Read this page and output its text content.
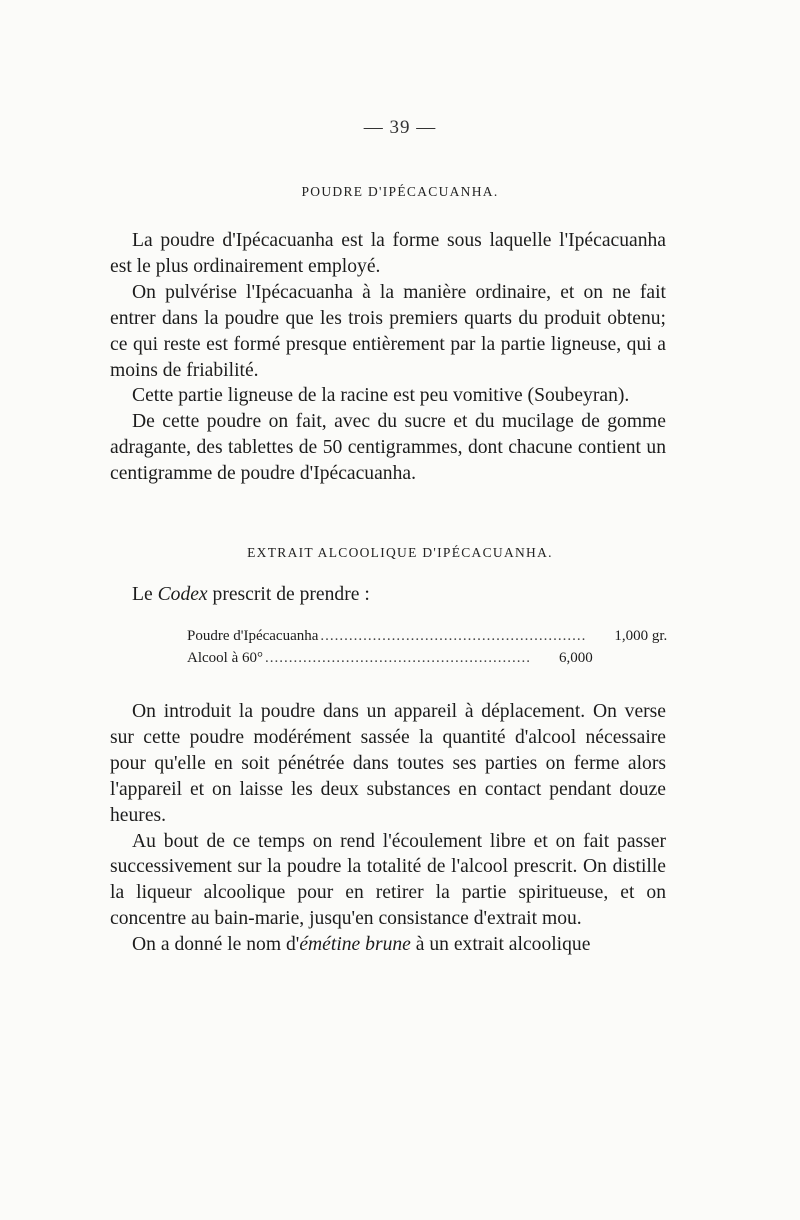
— 39 —
POUDRE D'IPÉCACUANHA.

La poudre d'Ipécacuanha est la forme sous laquelle l'Ipécacuanha est le plus ordinairement employé.

On pulvérise l'Ipécacuanha à la manière ordinaire, et on ne fait entrer dans la poudre que les trois premiers quarts du produit obtenu; ce qui reste est formé presque entièrement par la partie ligneuse, qui a moins de friabilité.

Cette partie ligneuse de la racine est peu vomitive (Soubeyran).

De cette poudre on fait, avec du sucre et du mucilage de gomme adragante, des tablettes de 50 centigrammes, dont chacune contient un centigramme de poudre d'Ipécacuanha.

EXTRAIT ALCOOLIQUE D'IPÉCACUANHA.
Le Codex prescrit de prendre :
Poudre d'Ipécacuanha ........................................................	1,000 gr.
Alcool à 60° ........................................................	6,000

On introduit la poudre dans un appareil à déplacement. On verse sur cette poudre modérément sassée la quantité d'alcool nécessaire pour qu'elle en soit pénétrée dans toutes ses parties on ferme alors l'appareil et on laisse les deux substances en contact pendant douze heures.

Au bout de ce temps on rend l'écoulement libre et on fait passer successivement sur la poudre la totalité de l'alcool prescrit. On distille la liqueur alcoolique pour en retirer la partie spiritueuse, et on concentre au bain-marie, jusqu'en consistance d'extrait mou.

On a donné le nom d'émétine brune à un extrait alcoolique
